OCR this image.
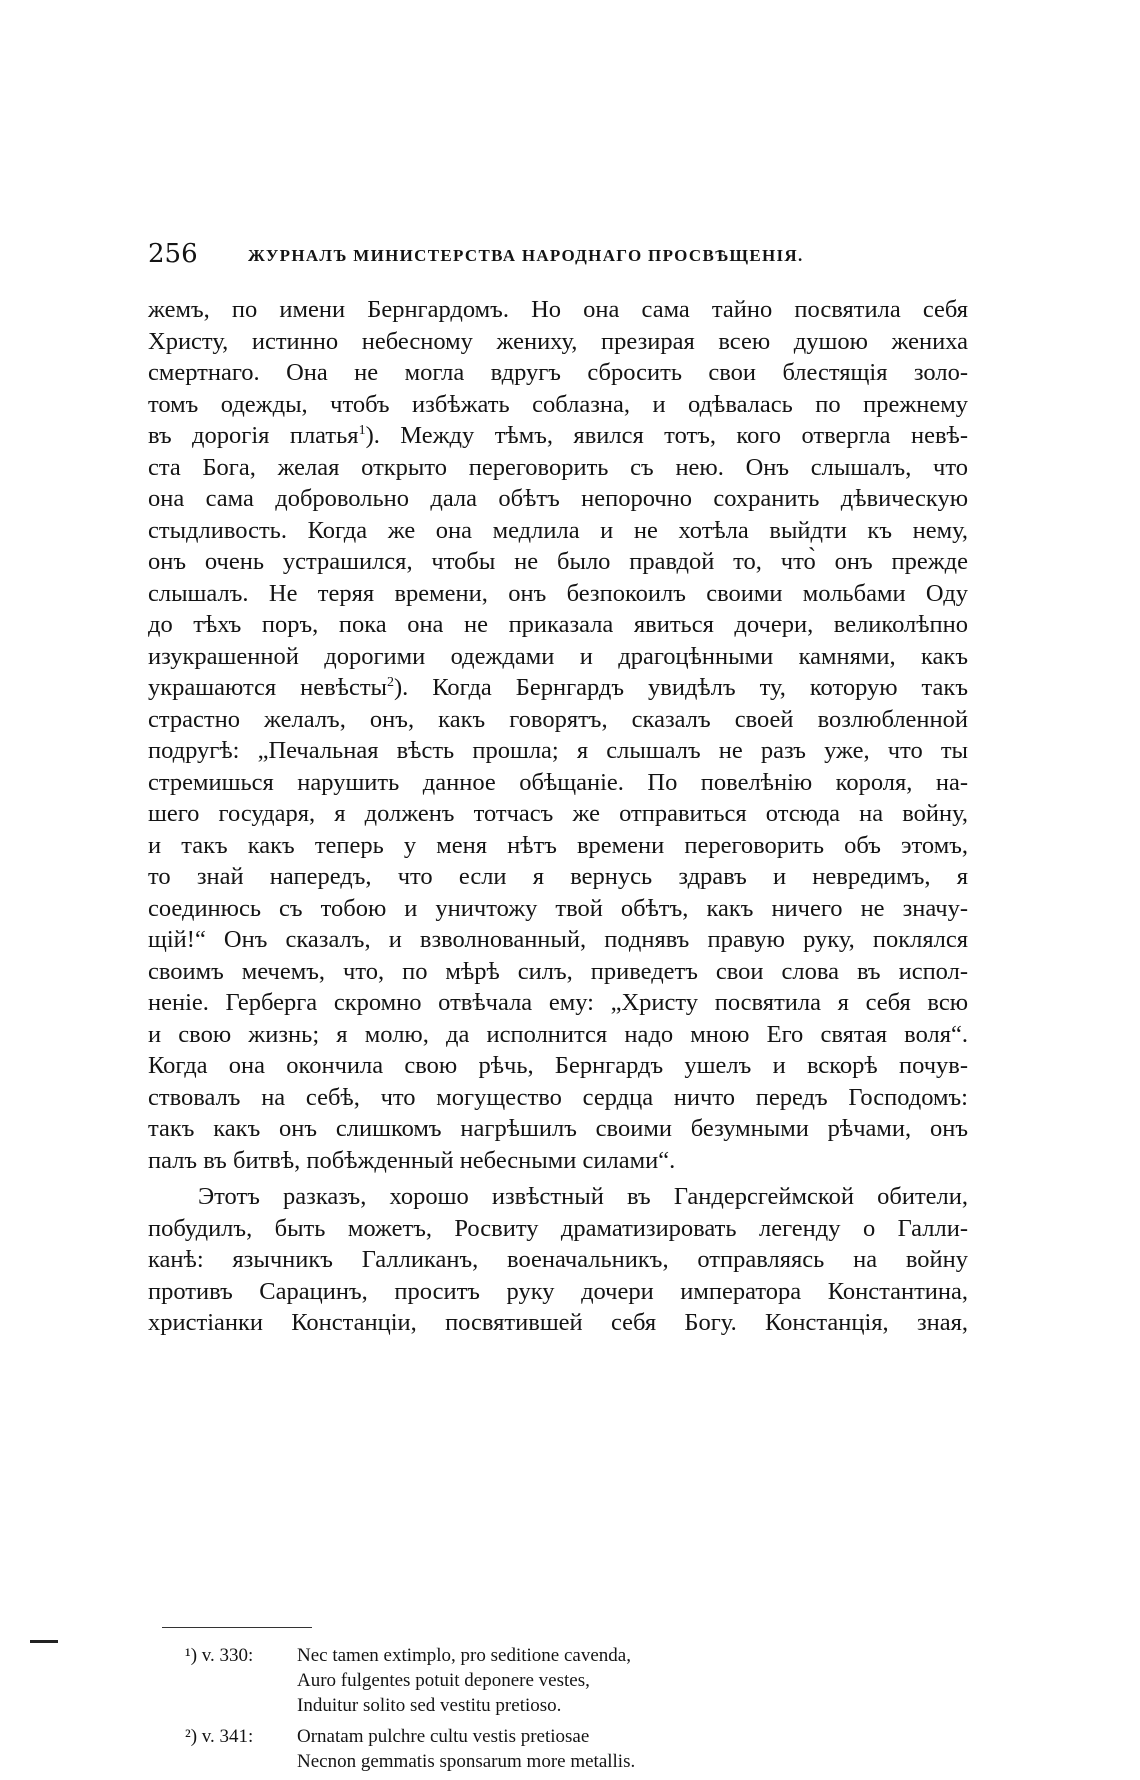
256	ЖУРНАЛЪ МИНИСТЕРСТВА НАРОДНАГО ПРОСВѢЩЕНІЯ.
жемъ, по имени Бернгардомъ. Но она сама тайно посвятила себя
Христу, истинно небесному жениху, презирая всею душою жениха
смертнаго. Она не могла вдругъ сбросить свои блестящія золо-
томъ одежды, чтобъ избѣжать соблазна, и одѣвалась по прежнему
въ дорогія платья$^1$). Между тѣмъ, явился тотъ, кого отвергла невѣ-
ста Бога, желая открыто переговорить съ нею. Онъ слышалъ, что
она сама добровольно дала обѣтъ непорочно сохранить дѣвическую
стыдливость. Когда же она медлила и не хотѣла выйдти къ нему,
онъ очень устрашился, чтобы не было правдой то, что̀ онъ прежде
слышалъ. Не теряя времени, онъ безпокоилъ своими мольбами Оду
до тѣхъ поръ, пока она не приказала явиться дочери, великолѣпно
изукрашенной дорогими одеждами и драгоцѣнными камнями, какъ
украшаются невѣсты$^2$). Когда Бернгардъ увидѣлъ ту, которую такъ
страстно желалъ, онъ, какъ говорятъ, сказалъ своей возлюбленной
подругѣ: „Печальная вѣсть прошла; я слышалъ не разъ уже, что ты
стремишься нарушить данное обѣщаніе. По повелѣнію короля, на-
шего государя, я долженъ тотчасъ же отправиться отсюда на войну,
и такъ какъ теперь у меня нѣтъ времени переговорить объ этомъ,
то знай напередъ, что если я вернусь здравъ и невредимъ, я
соединюсь съ тобою и уничтожу твой обѣтъ, какъ ничего не значу-
щій!“ Онъ сказалъ, и взволнованный, поднявъ правую руку, поклялся
своимъ мечемъ, что, по мѣрѣ силъ, приведетъ свои слова въ испол-
неніе. Герберга скромно отвѣчала ему: „Христу посвятила я себя всю
и свою жизнь; я молю, да исполнится надо мною Его святая воля“.
Когда она окончила свою рѣчь, Бернгардъ ушелъ и вскорѣ почув-
ствовалъ на себѣ, что могущество сердца ничто передъ Господомъ:
такъ какъ онъ слишкомъ нагрѣшилъ своими безумными рѣчами, онъ
палъ въ битвѣ, побѣжденный небесными силами“.
Этотъ разказъ, хорошо извѣстный въ Гандерсгеймской обители,
побудилъ, быть можетъ, Росвиту драматизировать легенду о Галли-
канѣ: язычникъ Галликанъ, военачальникъ, отправляясь на войну
противъ Сарацинъ, проситъ руку дочери императора Константина,
христіанки Констанціи, посвятившей себя Богу. Констанція, зная,
¹) v. 330: Nec tamen extimplo, pro seditione cavenda,
Auro fulgentes potuit deponere vestes,
Induitur solito sed vestitu pretioso.
²) v. 341: Ornatam pulchre cultu vestis pretiosae
Necnon gemmatis sponsarum more metallis.
